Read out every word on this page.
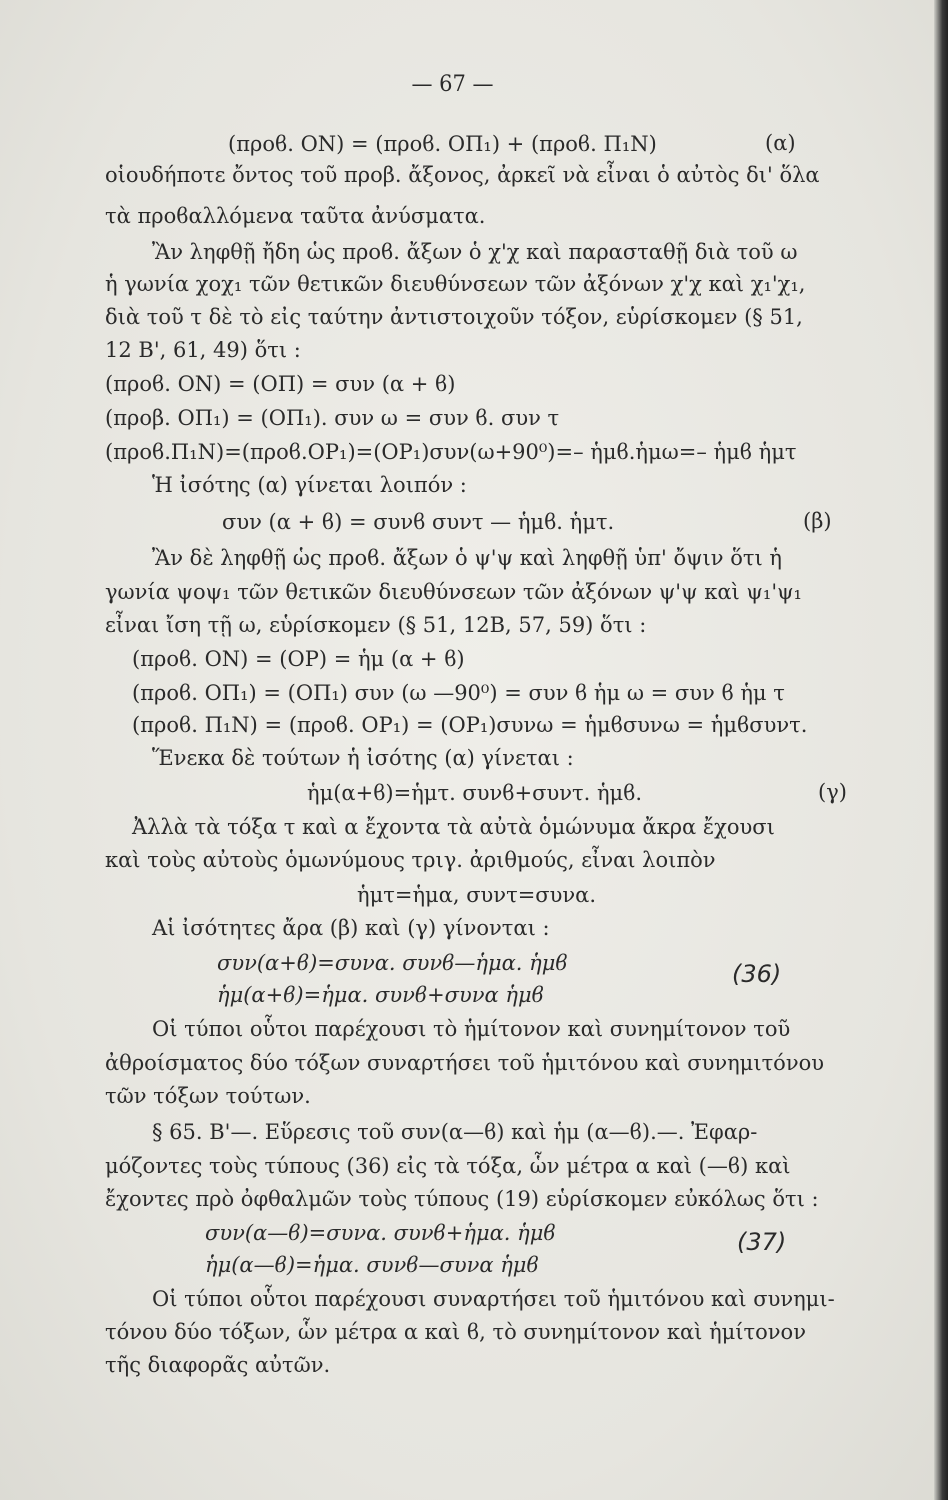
— 67 —
(προϐ. ON) = (προϐ. OΠ₁) + (προϐ. Π₁N)	(α)
οἱουδήποτε ὄντος τοῦ προβ. ἄξονος, ἀρκεῖ νὰ εἶναι ὁ αὐτὸς δι' ὅλα
τὰ προϐαλλόμενα ταῦτα ἀνύσματα.
Ἂν ληφθῇ ἤδη ὡς προϐ. ἄξων ὁ χ'χ καὶ παρασταθῇ διὰ τοῦ ω
ἡ γωνία χοχ₁ τῶν θετικῶν διευθύνσεων τῶν ἀξόνων χ'χ καὶ χ₁'χ₁,
διὰ τοῦ τ δὲ τὸ εἰς ταύτην ἀντιστοιχοῦν τόξον, εὑρίσκομεν (§ 51,
12 Β', 61, 49) ὅτι :
(προϐ. ON) = (OΠ) = συν (α + ϐ)
(προβ. OΠ₁) = (OΠ₁). συν ω = συν ϐ. συν τ
(προϐ.Π₁N)=(προϐ.OP₁)=(OP₁)συν(ω+90⁰)=– ἡμϐ.ἡμω=– ἡμϐ ἡμτ
Ἡ ἰσότης (α) γίνεται λοιπόν :
συν (α + ϐ) = συνϐ συντ — ἡμϐ. ἡμτ.	(β)
Ἂν δὲ ληφθῇ ὡς προϐ. ἄξων ὁ ψ'ψ καὶ ληφθῇ ὑπ' ὄψιν ὅτι ἡ
γωνία ψοψ₁ τῶν θετικῶν διευθύνσεων τῶν ἀξόνων ψ'ψ καὶ ψ₁'ψ₁
εἶναι ἴση τῇ ω, εὑρίσκομεν (§ 51, 12Β, 57, 59) ὅτι :
(προϐ. ON) = (OP) = ἡμ (α + ϐ)
(προϐ. OΠ₁) = (OΠ₁) συν (ω —90⁰) = συν ϐ ἡμ ω = συν ϐ ἡμ τ
(προϐ. Π₁N) = (προϐ. OP₁) = (OP₁)συνω = ἡμϐσυνω = ἡμϐσυντ.
Ἕνεκα δὲ τούτων ἡ ἰσότης (α) γίνεται :
ἡμ(α+ϐ)=ἡμτ. συνϐ+συντ. ἡμϐ.	(γ)
Ἀλλὰ τὰ τόξα τ καὶ α ἔχοντα τὰ αὐτὰ ὁμώνυμα ἄκρα ἔχουσι
καὶ τοὺς αὐτοὺς ὁμωνύμους τριγ. ἀριθμούς, εἶναι λοιπὸν
ἡμτ=ἡμα, συντ=συνα.
Αἱ ἰσότητες ἄρα (β) καὶ (γ) γίνονται :
συν(α+ϐ)=συνα. συνϐ—ἡμα. ἡμϐ
ἡμ(α+ϐ)=ἡμα. συνϐ+συνα ἡμϐ
(36)
Οἱ τύποι οὗτοι παρέχουσι τὸ ἡμίτονον καὶ συνημίτονον τοῦ
ἀθροίσματος δύο τόξων συναρτήσει τοῦ ἡμιτόνου καὶ συνημιτόνου
τῶν τόξων τούτων.
§ 65. Β'—. Εὕρεσις τοῦ συν(α—ϐ) καὶ ἡμ (α—ϐ).—. Ἐφαρ-
μόζοντες τοὺς τύπους (36) εἰς τὰ τόξα, ὧν μέτρα α καὶ (—ϐ) καὶ
ἔχοντες πρὸ ὀφθαλμῶν τοὺς τύπους (19) εὑρίσκομεν εὐκόλως ὅτι :
συν(α—ϐ)=συνα. συνϐ+ἡμα. ἡμϐ
ἡμ(α—ϐ)=ἡμα. συνϐ—συνα ἡμϐ
(37)
Οἱ τύποι οὗτοι παρέχουσι συναρτήσει τοῦ ἡμιτόνου καὶ συνημι-
τόνου δύο τόξων, ὧν μέτρα α καὶ ϐ, τὸ συνημίτονον καὶ ἡμίτονον
τῆς διαφορᾶς αὐτῶν.
